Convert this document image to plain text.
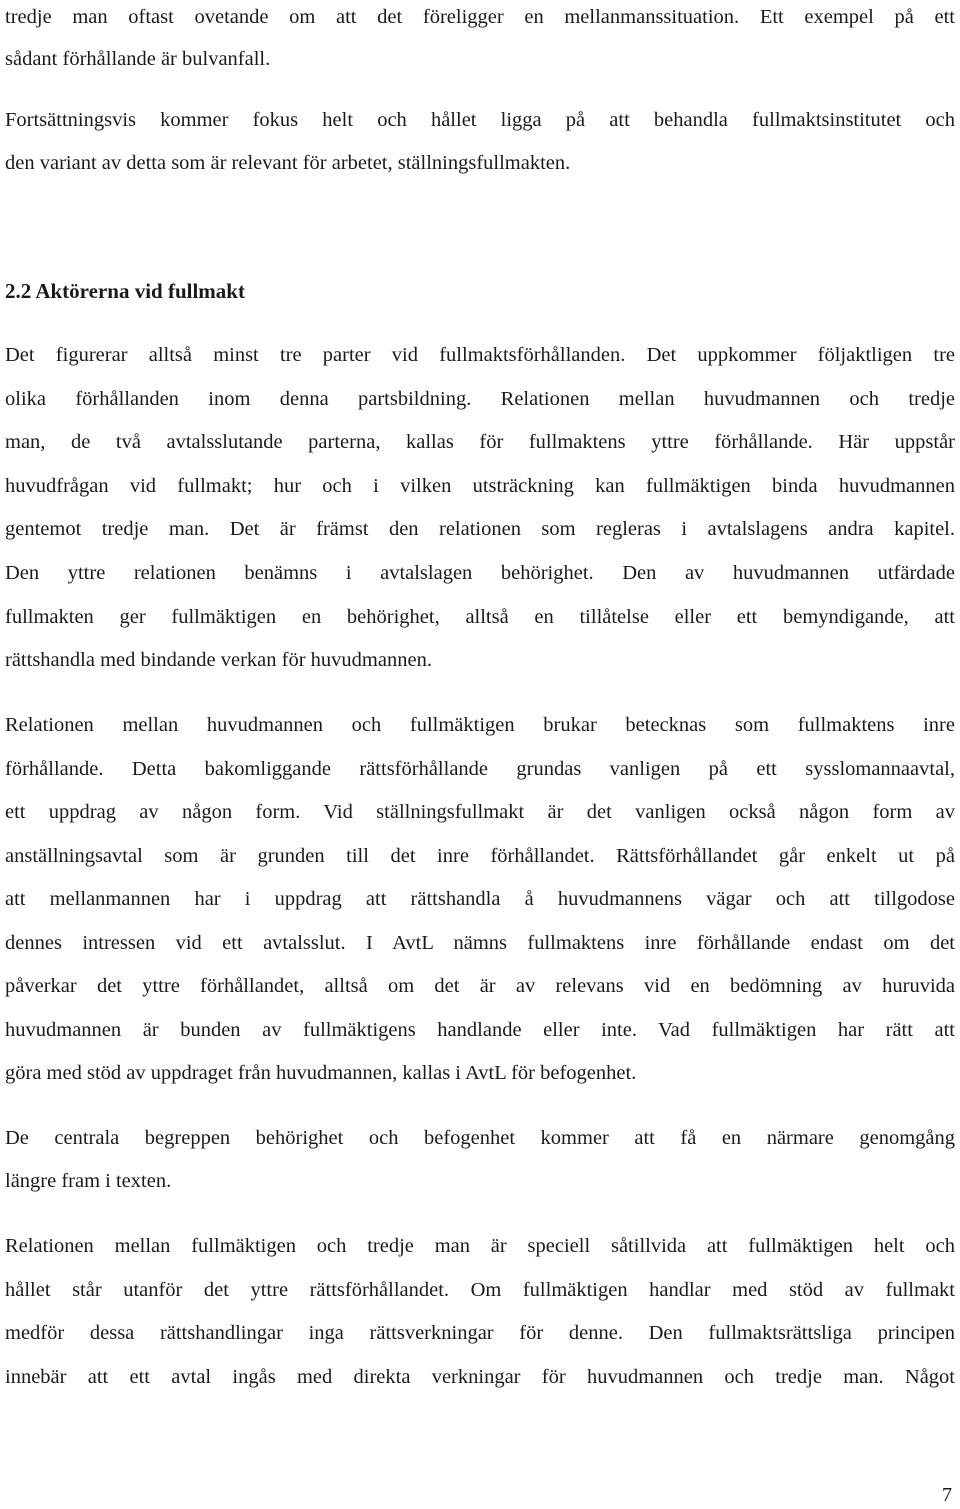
tredje man oftast ovetande om att det föreligger en mellanmanssituation. Ett exempel på ett
sådant förhållande är bulvanfall.
Fortsättningsvis kommer fokus helt och hållet ligga på att behandla fullmaktsinstitutet och
den variant av detta som är relevant för arbetet, ställningsfullmakten.
2.2 Aktörerna vid fullmakt
Det figurerar alltså minst tre parter vid fullmaktsförhållanden. Det uppkommer följaktligen tre
olika förhållanden inom denna partsbildning. Relationen mellan huvudmannen och tredje
man, de två avtalsslutande parterna, kallas för fullmaktens yttre förhållande. Här uppstår
huvudfrågan vid fullmakt; hur och i vilken utsträckning kan fullmäktigen binda huvudmannen
gentemot tredje man. Det är främst den relationen som regleras i avtalslagens andra kapitel.
Den yttre relationen benämns i avtalslagen behörighet. Den av huvudmannen utfärdade
fullmakten ger fullmäktigen en behörighet, alltså en tillåtelse eller ett bemyndigande, att
rättshandla med bindande verkan för huvudmannen.
Relationen mellan huvudmannen och fullmäktigen brukar betecknas som fullmaktens inre
förhållande. Detta bakomliggande rättsförhållande grundas vanligen på ett sysslomannaavtal,
ett uppdrag av någon form. Vid ställningsfullmakt är det vanligen också någon form av
anställningsavtal som är grunden till det inre förhållandet. Rättsförhållandet går enkelt ut på
att mellanmannen har i uppdrag att rättshandla å huvudmannens vägar och att tillgodose
dennes intressen vid ett avtalsslut. I AvtL nämns fullmaktens inre förhållande endast om det
påverkar det yttre förhållandet, alltså om det är av relevans vid en bedömning av huruvida
huvudmannen är bunden av fullmäktigens handlande eller inte. Vad fullmäktigen har rätt att
göra med stöd av uppdraget från huvudmannen, kallas i AvtL för befogenhet.
De centrala begreppen behörighet och befogenhet kommer att få en närmare genomgång
längre fram i texten.
Relationen mellan fullmäktigen och tredje man är speciell såtillvida att fullmäktigen helt och
hållet står utanför det yttre rättsförhållandet. Om fullmäktigen handlar med stöd av fullmakt
medför dessa rättshandlingar inga rättsverkningar för denne. Den fullmaktsrättsliga principen
innebär att ett avtal ingås med direkta verkningar för huvudmannen och tredje man. Något
7
